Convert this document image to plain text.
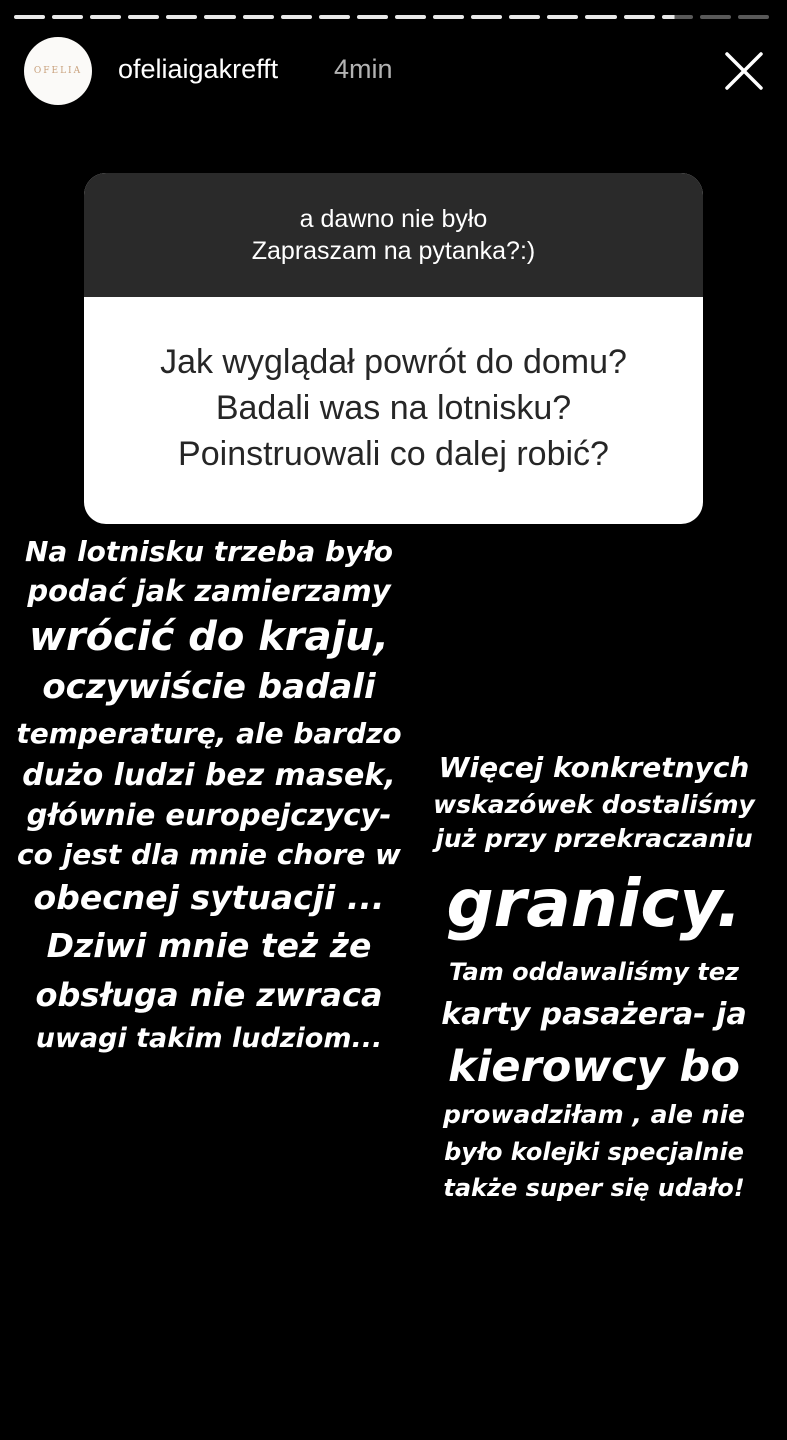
OFELIA ofeliaigakrefft 4min
a dawno nie było
Zapraszam na pytanka?:)
Jak wyglądał powrót do domu?
Badali was na lotnisku?
Poinstruowali co dalej robić?
Na lotnisku trzeba było
podać jak zamierzamy
wrócić do kraju,
oczywiście badali
temperaturę, ale bardzo
dużo ludzi bez masek,
głównie europejczycy-
co jest dla mnie chore w
obecnej sytuacji ...
Dziwi mnie też że
obsługa nie zwraca
uwagi takim ludziom...
Więcej konkretnych
wskazówek dostaliśmy
już przy przekraczaniu
granicy.
Tam oddawaliśmy tez
karty pasażera- ja
kierowcy bo
prowadziłam , ale nie
było kolejki specjalnie
także super się udało!
